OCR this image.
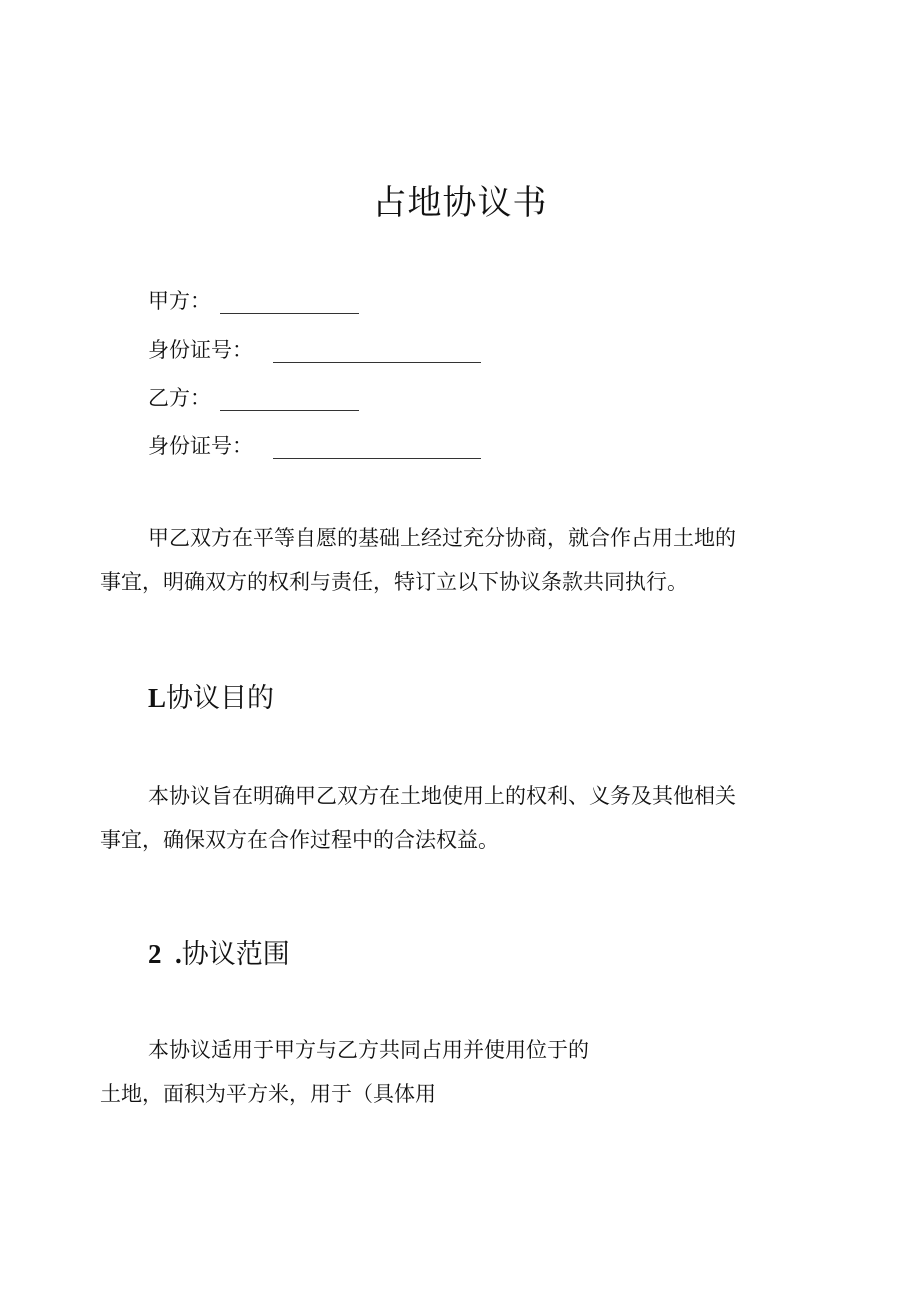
占地协议书
甲方：
身份证号：
乙方：
身份证号：
甲乙双方在平等自愿的基础上经过充分协商，就合作占用土地的
事宜，明确双方的权利与责任，特订立以下协议条款共同执行。
L协议目的
本协议旨在明确甲乙双方在土地使用上的权利、义务及其他相关
事宜，确保双方在合作过程中的合法权益。
2  .协议范围
本协议适用于甲方与乙方共同占用并使用位于的
土地，面积为平方米，用于（具体用
